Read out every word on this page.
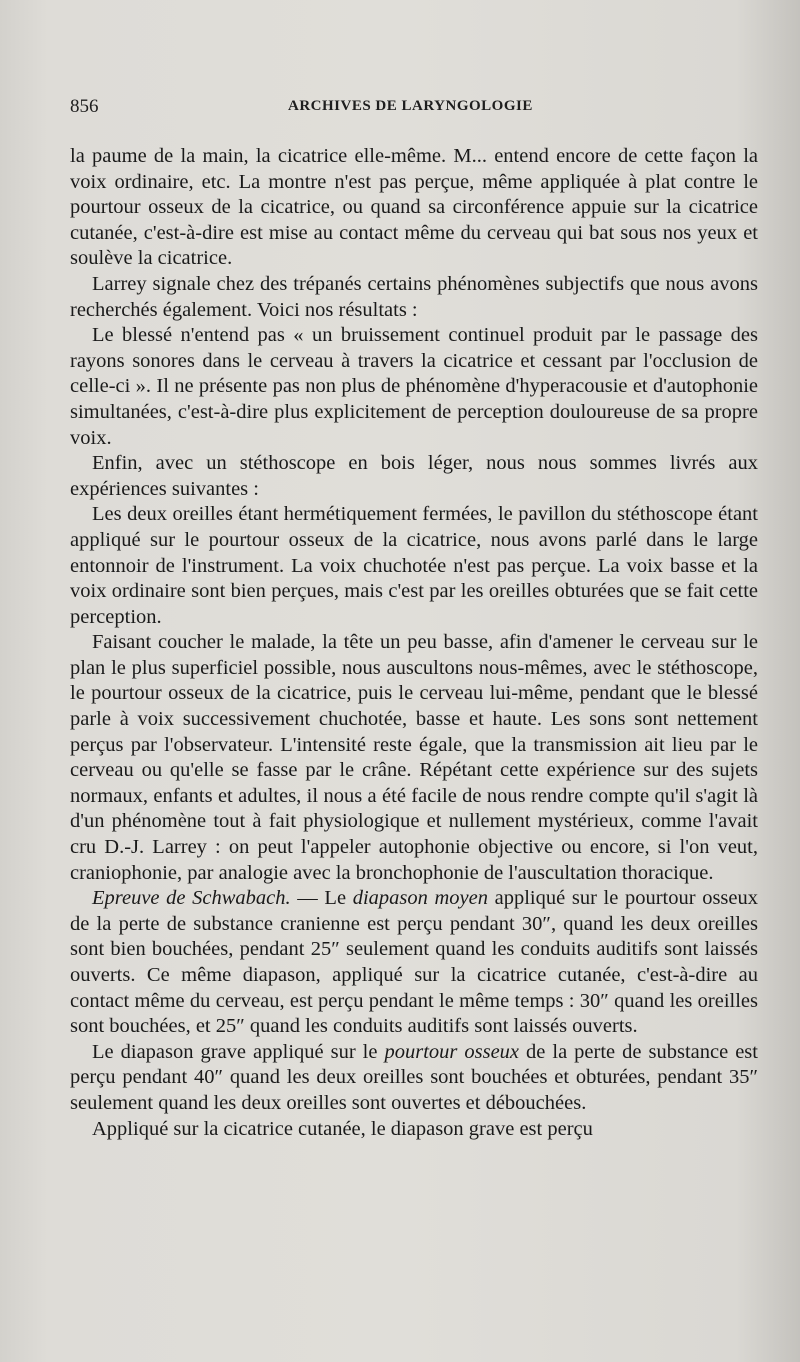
856	ARCHIVES DE LARYNGOLOGIE

la paume de la main, la cicatrice elle-même. M... entend encore de cette façon la voix ordinaire, etc. La montre n'est pas perçue, même appliquée à plat contre le pourtour osseux de la cicatrice, ou quand sa circonférence appuie sur la cicatrice cutanée, c'est-à-dire est mise au contact même du cerveau qui bat sous nos yeux et soulève la cicatrice.

Larrey signale chez des trépanés certains phénomènes subjectifs que nous avons recherchés également. Voici nos résultats :

Le blessé n'entend pas « un bruissement continuel produit par le passage des rayons sonores dans le cerveau à travers la cicatrice et cessant par l'occlusion de celle-ci ». Il ne présente pas non plus de phénomène d'hyperacousie et d'autophonie simultanées, c'est-à-dire plus explicitement de perception douloureuse de sa propre voix.

Enfin, avec un stéthoscope en bois léger, nous nous sommes livrés aux expériences suivantes :

Les deux oreilles étant hermétiquement fermées, le pavillon du stéthoscope étant appliqué sur le pourtour osseux de la cicatrice, nous avons parlé dans le large entonnoir de l'instrument. La voix chuchotée n'est pas perçue. La voix basse et la voix ordinaire sont bien perçues, mais c'est par les oreilles obturées que se fait cette perception.

Faisant coucher le malade, la tête un peu basse, afin d'amener le cerveau sur le plan le plus superficiel possible, nous auscultons nous-mêmes, avec le stéthoscope, le pourtour osseux de la cicatrice, puis le cerveau lui-même, pendant que le blessé parle à voix successivement chuchotée, basse et haute. Les sons sont nettement perçus par l'observateur. L'intensité reste égale, que la transmission ait lieu par le cerveau ou qu'elle se fasse par le crâne. Répétant cette expérience sur des sujets normaux, enfants et adultes, il nous a été facile de nous rendre compte qu'il s'agit là d'un phénomène tout à fait physiologique et nullement mystérieux, comme l'avait cru D.-J. Larrey : on peut l'appeler autophonie objective ou encore, si l'on veut, craniophonie, par analogie avec la bronchophonie de l'auscultation thoracique.

Epreuve de Schwabach. — Le diapason moyen appliqué sur le pourtour osseux de la perte de substance cranienne est perçu pendant 30″, quand les deux oreilles sont bien bouchées, pendant 25″ seulement quand les conduits auditifs sont laissés ouverts. Ce même diapason, appliqué sur la cicatrice cutanée, c'est-à-dire au contact même du cerveau, est perçu pendant le même temps : 30″ quand les oreilles sont bouchées, et 25″ quand les conduits auditifs sont laissés ouverts.

Le diapason grave appliqué sur le pourtour osseux de la perte de substance est perçu pendant 40″ quand les deux oreilles sont bouchées et obturées, pendant 35″ seulement quand les deux oreilles sont ouvertes et débouchées.

Appliqué sur la cicatrice cutanée, le diapason grave est perçu
